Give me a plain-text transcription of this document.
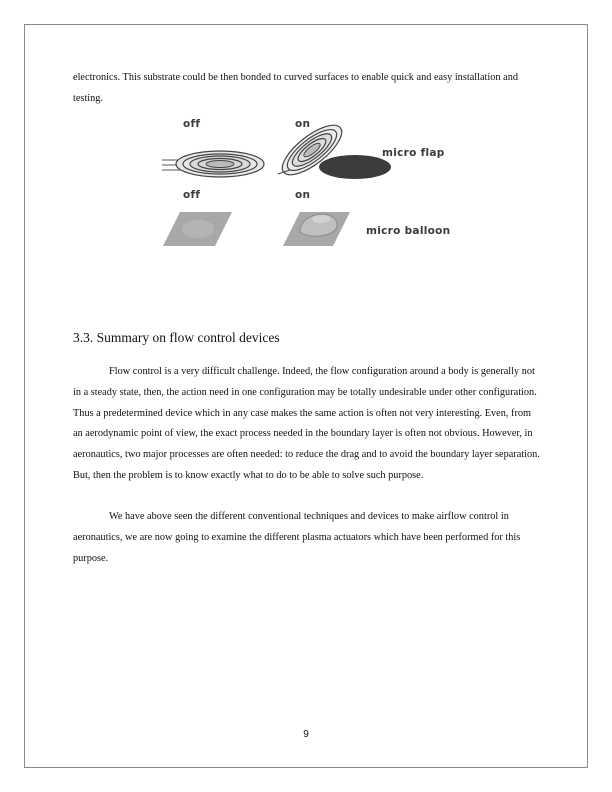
electronics. This substrate could be then bonded to curved surfaces to enable quick and easy installation and testing.

off	on
micro flap
off	on
micro balloon
3.3. Summary on flow control devices

Flow control is a very difficult challenge. Indeed, the flow configuration around a body is generally not in a steady state, then, the action need in one configuration may be totally undesirable under other configuration. Thus a predetermined device which in any case makes the same action is often not very interesting. Even, from an aerodynamic point of view, the exact process needed in the boundary layer is often not obvious. However, in aeronautics, two major processes are often needed: to reduce the drag and to avoid the boundary layer separation. But, then the problem is to know exactly what to do to be able to solve such purpose.

We have above seen the different conventional techniques and devices to make airflow control in aeronautics, we are now going to examine the different plasma actuators which have been performed for this purpose.

9
